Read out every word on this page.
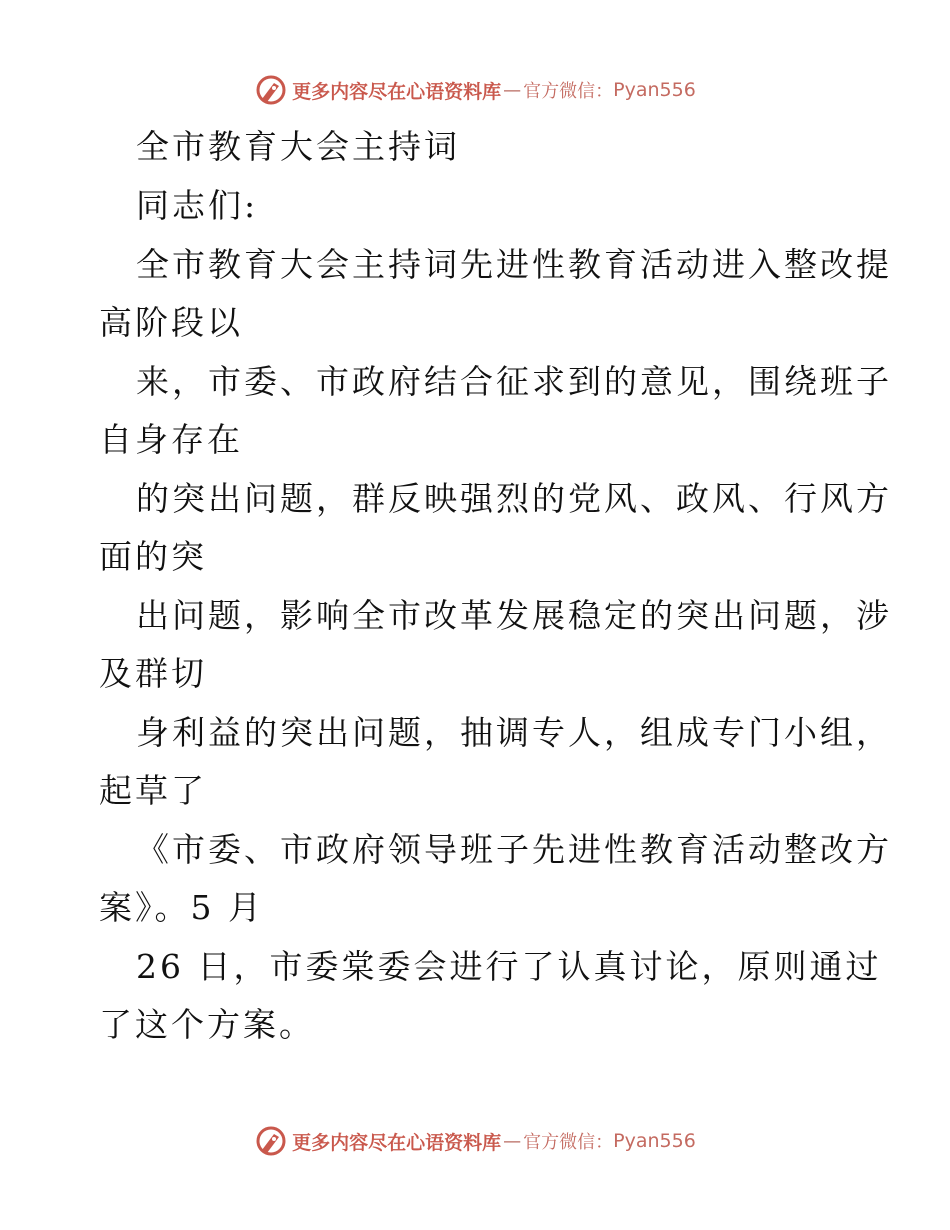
更多内容尽在心语资料库 — 官方微信： Pyan556
全市教育大会主持词
同志们:
全市教育大会主持词先进性教育活动进入整改提
高阶段以
来，市委、市政府结合征求到的意见，围绕班子
自身存在
的突出问题，群反映强烈的党风、政风、行风方
面的突
出问题，影响全市改革发展稳定的突出问题，涉
及群切
身利益的突出问题，抽调专人，组成专门小组，
起草了
《市委、市政府领导班子先进性教育活动整改方
案》。5 月
26 日，市委棠委会进行了认真讨论，原则通过
了这个方案。
更多内容尽在心语资料库 — 官方微信： Pyan556
